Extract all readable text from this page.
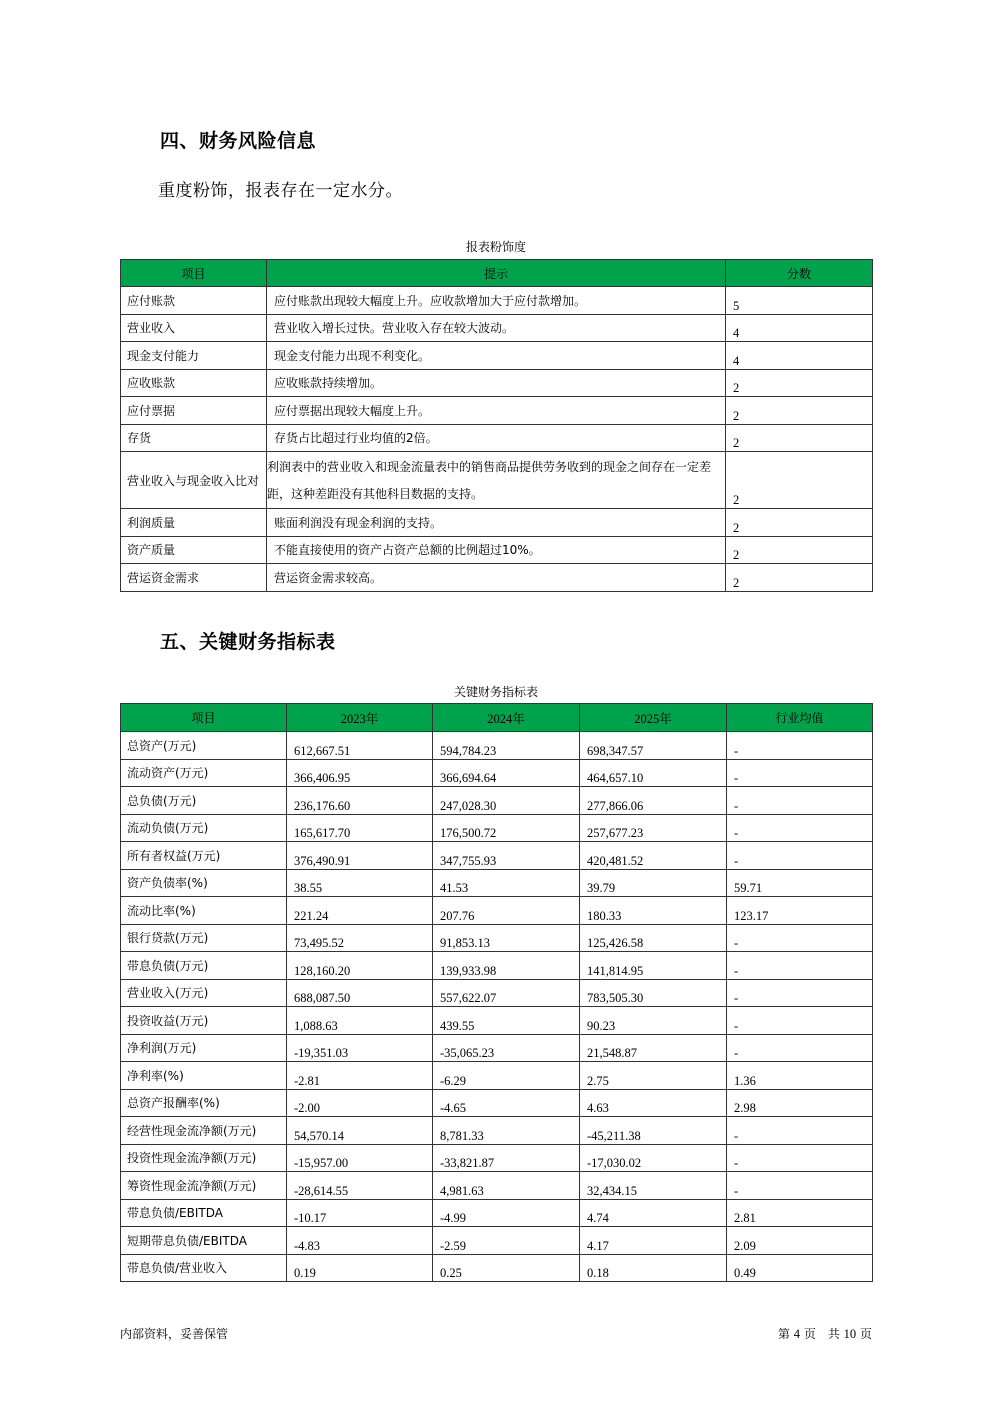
四、财务风险信息
重度粉饰，报表存在一定水分。
报表粉饰度
项目	提示	分数
应付账款	应付账款出现较大幅度上升。应收款增加大于应付款增加。	5
营业收入	营业收入增长过快。营业收入存在较大波动。	4
现金支付能力	现金支付能力出现不利变化。	4
应收账款	应收账款持续增加。	2
应付票据	应付票据出现较大幅度上升。	2
存货	存货占比超过行业均值的2倍。	2
营业收入与现金收入比对	利润表中的营业收入和现金流量表中的销售商品提供劳务收到的现金之间存在一定差距，这种差距没有其他科目数据的支持。	2
利润质量	账面利润没有现金利润的支持。	2
资产质量	不能直接使用的资产占资产总额的比例超过10%。	2
营运资金需求	营运资金需求较高。	2
五、关键财务指标表
关键财务指标表
项目	2023年	2024年	2025年	行业均值
总资产(万元)	612,667.51	594,784.23	698,347.57	-
流动资产(万元)	366,406.95	366,694.64	464,657.10	-
总负债(万元)	236,176.60	247,028.30	277,866.06	-
流动负债(万元)	165,617.70	176,500.72	257,677.23	-
所有者权益(万元)	376,490.91	347,755.93	420,481.52	-
资产负债率(%)	38.55	41.53	39.79	59.71
流动比率(%)	221.24	207.76	180.33	123.17
银行贷款(万元)	73,495.52	91,853.13	125,426.58	-
带息负债(万元)	128,160.20	139,933.98	141,814.95	-
营业收入(万元)	688,087.50	557,622.07	783,505.30	-
投资收益(万元)	1,088.63	439.55	90.23	-
净利润(万元)	-19,351.03	-35,065.23	21,548.87	-
净利率(%)	-2.81	-6.29	2.75	1.36
总资产报酬率(%)	-2.00	-4.65	4.63	2.98
经营性现金流净额(万元)	54,570.14	8,781.33	-45,211.38	-
投资性现金流净额(万元)	-15,957.00	-33,821.87	-17,030.02	-
筹资性现金流净额(万元)	-28,614.55	4,981.63	32,434.15	-
带息负债/EBITDA	-10.17	-4.99	4.74	2.81
短期带息负债/EBITDA	-4.83	-2.59	4.17	2.09
带息负债/营业收入	0.19	0.25	0.18	0.49
内部资料，妥善保管	第 4 页　共 10 页
